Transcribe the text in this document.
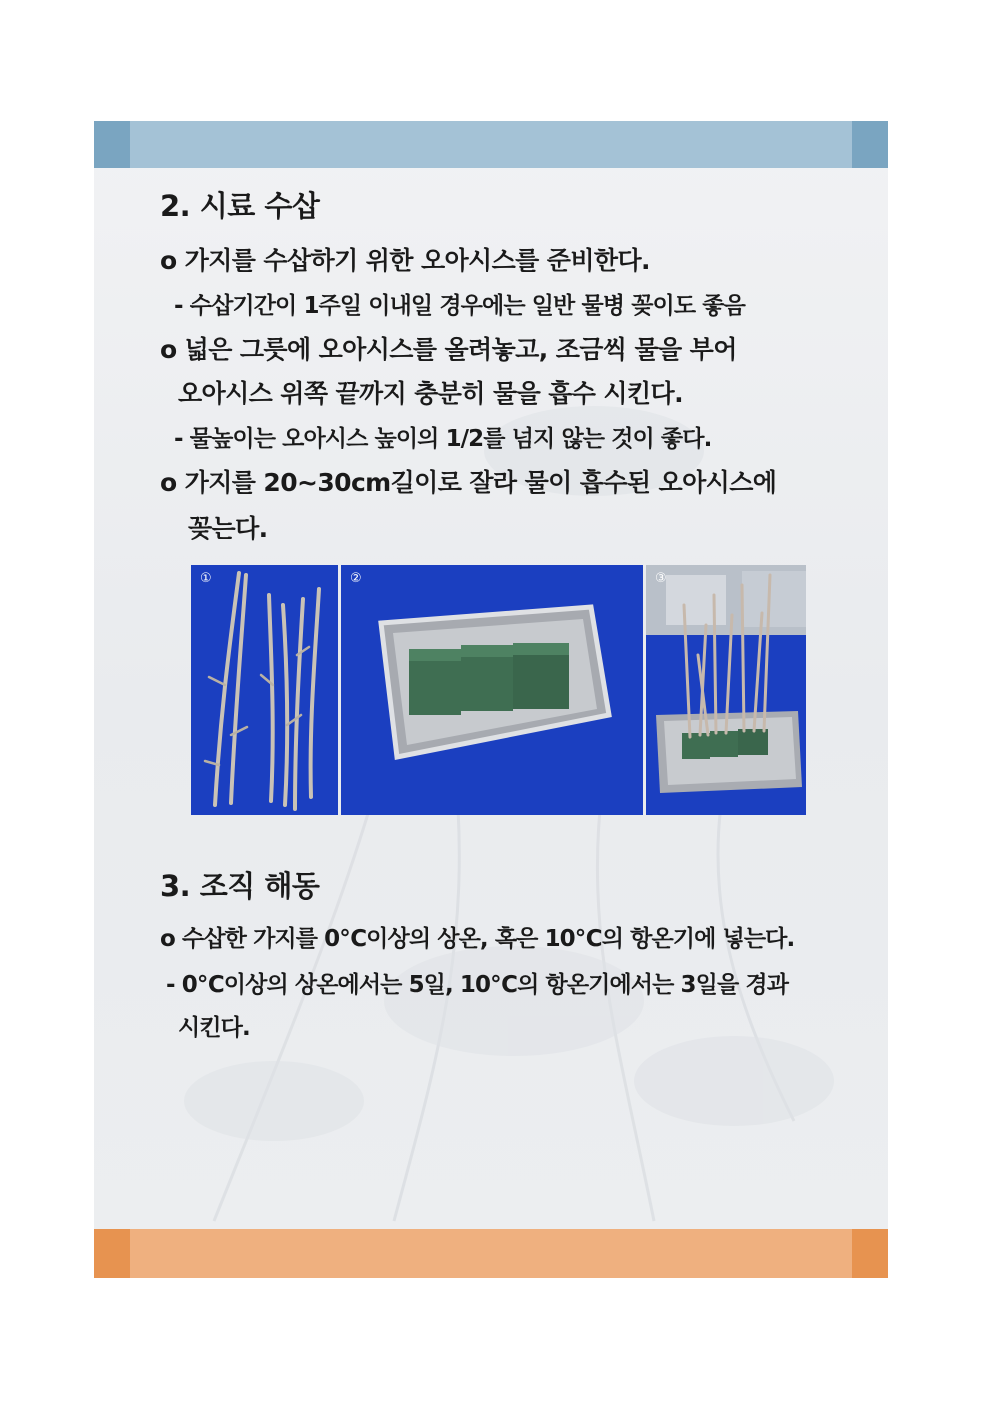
2. 시료 수삽
o 가지를 수삽하기 위한 오아시스를 준비한다.
- 수삽기간이 1주일 이내일 경우에는 일반 물병 꽂이도 좋음
o 넓은 그릇에 오아시스를 올려놓고, 조금씩 물을 부어
오아시스 위쪽 끝까지 충분히 물을 흡수 시킨다.
- 물높이는 오아시스 높이의 1/2를 넘지 않는 것이 좋다.
o 가지를 20~30cm길이로 잘라 물이 흡수된 오아시스에
꽂는다.
①	②	③
3. 조직 해동
o 수삽한 가지를 0℃이상의 상온, 혹은 10℃의 항온기에 넣는다.
- 0℃이상의 상온에서는 5일, 10℃의 항온기에서는 3일을 경과
시킨다.
